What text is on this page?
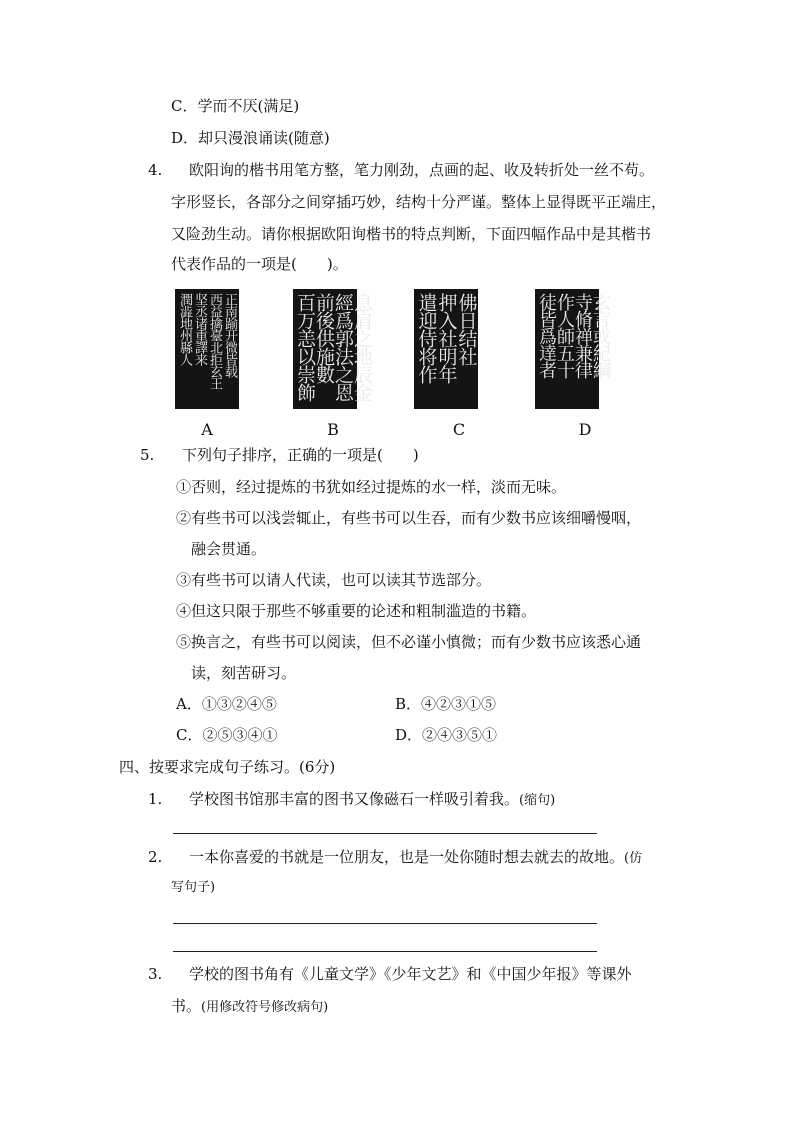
C．学而不厌(满足)
D．却只漫浪诵读(随意)
4. 欧阳询的楷书用笔方整，笔力刚劲，点画的起、收及转折处一丝不苟。
字形竖长，各部分之间穿插巧妙，结构十分严谨。整体上显得既平正端庄，
又险劲生动。请你根据欧阳询楷书的特点判断，下面四幅作品中是其楷书
代表作品的一项是(　　)。
正南踰开微皆载
西益擒臺北拒玄王
坚丞诸重譯来
潤澁地州縣人
A
息肩之地辰金
經爲郭法之恩
前後供施數
百万恙以崇飾
B
佛日结社
押入社明年
遣迎侍将作
C
玄言或紀綱
寺脩禅兼律
作人師五十
徒皆爲達者
D
5. 下列句子排序，正确的一项是(　　)
①否则，经过提炼的书犹如经过提炼的水一样，淡而无味。
②有些书可以浅尝辄止，有些书可以生吞，而有少数书应该细嚼慢咽，
融会贯通。
③有些书可以请人代读，也可以读其节选部分。
④但这只限于那些不够重要的论述和粗制滥造的书籍。
⑤换言之，有些书可以阅读，但不必谨小慎微；而有少数书应该悉心通
读，刻苦研习。
A．①③②④⑤	B．④②③①⑤
C．②⑤③④①	D．②④③⑤①
四、按要求完成句子练习。(6分)
1. 学校图书馆那丰富的图书又像磁石一样吸引着我。(缩句)
2. 一本你喜爱的书就是一位朋友，也是一处你随时想去就去的故地。(仿
写句子)
3. 学校的图书角有《儿童文学》《少年文艺》和《中国少年报》等课外
书。(用修改符号修改病句)
